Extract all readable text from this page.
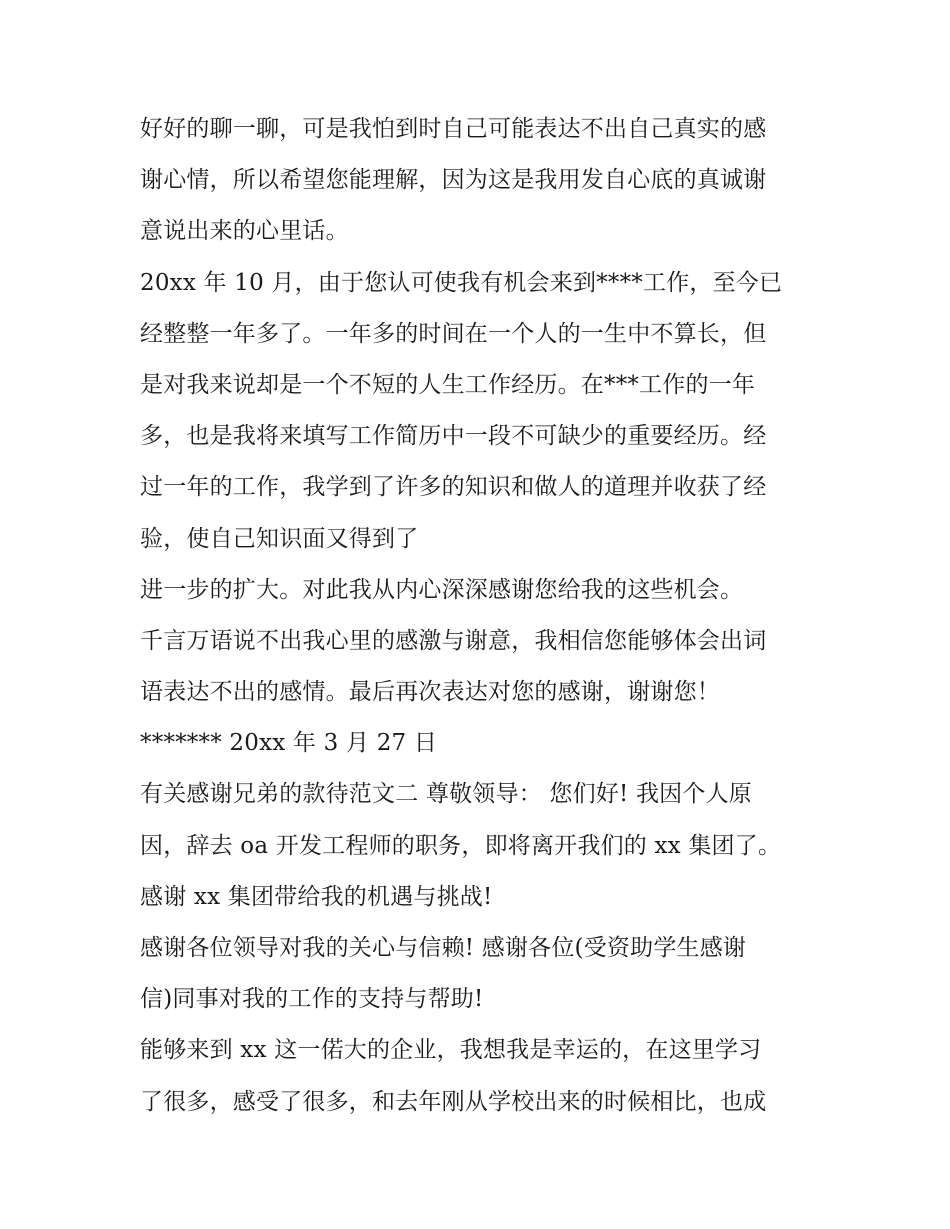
好好的聊一聊，可是我怕到时自己可能表达不出自己真实的感
谢心情，所以希望您能理解，因为这是我用发自心底的真诚谢
意说出来的心里话。
20xx 年 10 月，由于您认可使我有机会来到****工作，至今已
经整整一年多了。一年多的时间在一个人的一生中不算长，但
是对我来说却是一个不短的人生工作经历。在***工作的一年
多，也是我将来填写工作简历中一段不可缺少的重要经历。经
过一年的工作，我学到了许多的知识和做人的道理并收获了经
验，使自己知识面又得到了
进一步的扩大。对此我从内心深深感谢您给我的这些机会。
千言万语说不出我心里的感激与谢意，我相信您能够体会出词
语表达不出的感情。最后再次表达对您的感谢，谢谢您！
******* 20xx 年 3 月 27 日
有关感谢兄弟的款待范文二 尊敬领导： 您们好! 我因个人原
因，辞去 oa 开发工程师的职务，即将离开我们的 xx 集团了。
感谢 xx 集团带给我的机遇与挑战!
感谢各位领导对我的关心与信赖! 感谢各位(受资助学生感谢
信)同事对我的工作的支持与帮助!
能够来到 xx 这一偌大的企业，我想我是幸运的，在这里学习
了很多，感受了很多，和去年刚从学校出来的时候相比，也成
